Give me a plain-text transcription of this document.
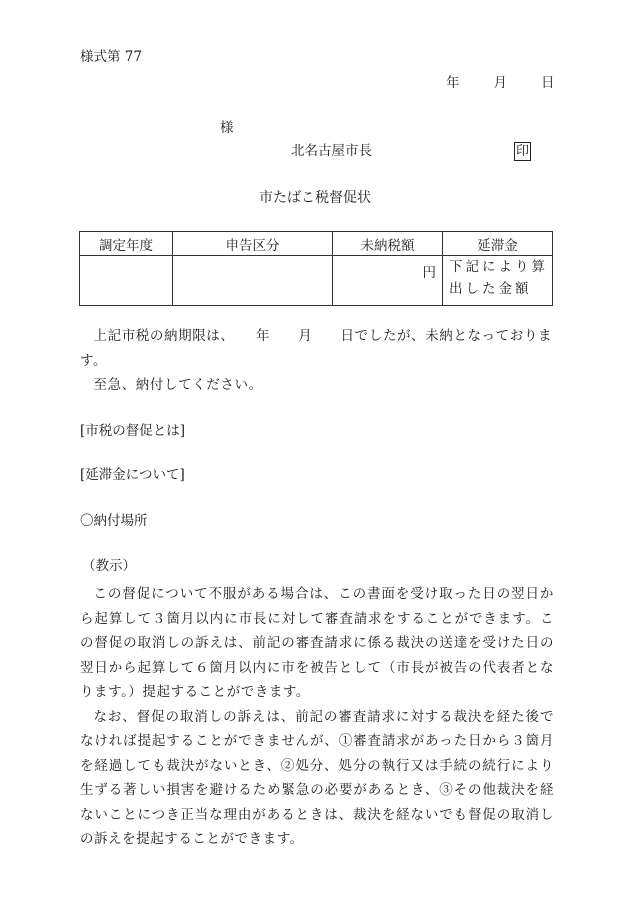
様式第 77
年	月	日
様
北名古屋市長	印
市たばこ税督促状
調定年度	申告区分	未納税額	延滞金
		円	下記により算出した金額

上記市税の納期限は、　　年　　月　　日でしたが、未納となっております。

至急、納付してください。

[市税の督促とは]
[延滞金について]
〇納付場所
（教示）

この督促について不服がある場合は、この書面を受け取った日の翌日から起算して３箇月以内に市長に対して審査請求をすることができます。この督促の取消しの訴えは、前記の審査請求に係る裁決の送達を受けた日の翌日から起算して６箇月以内に市を被告として（市長が被告の代表者となります。）提起することができます。

なお、督促の取消しの訴えは、前記の審査請求に対する裁決を経た後でなければ提起することができませんが、①審査請求があった日から３箇月を経過しても裁決がないとき、②処分、処分の執行又は手続の続行により生ずる著しい損害を避けるため緊急の必要があるとき、③その他裁決を経ないことにつき正当な理由があるときは、裁決を経ないでも督促の取消しの訴えを提起することができます。
